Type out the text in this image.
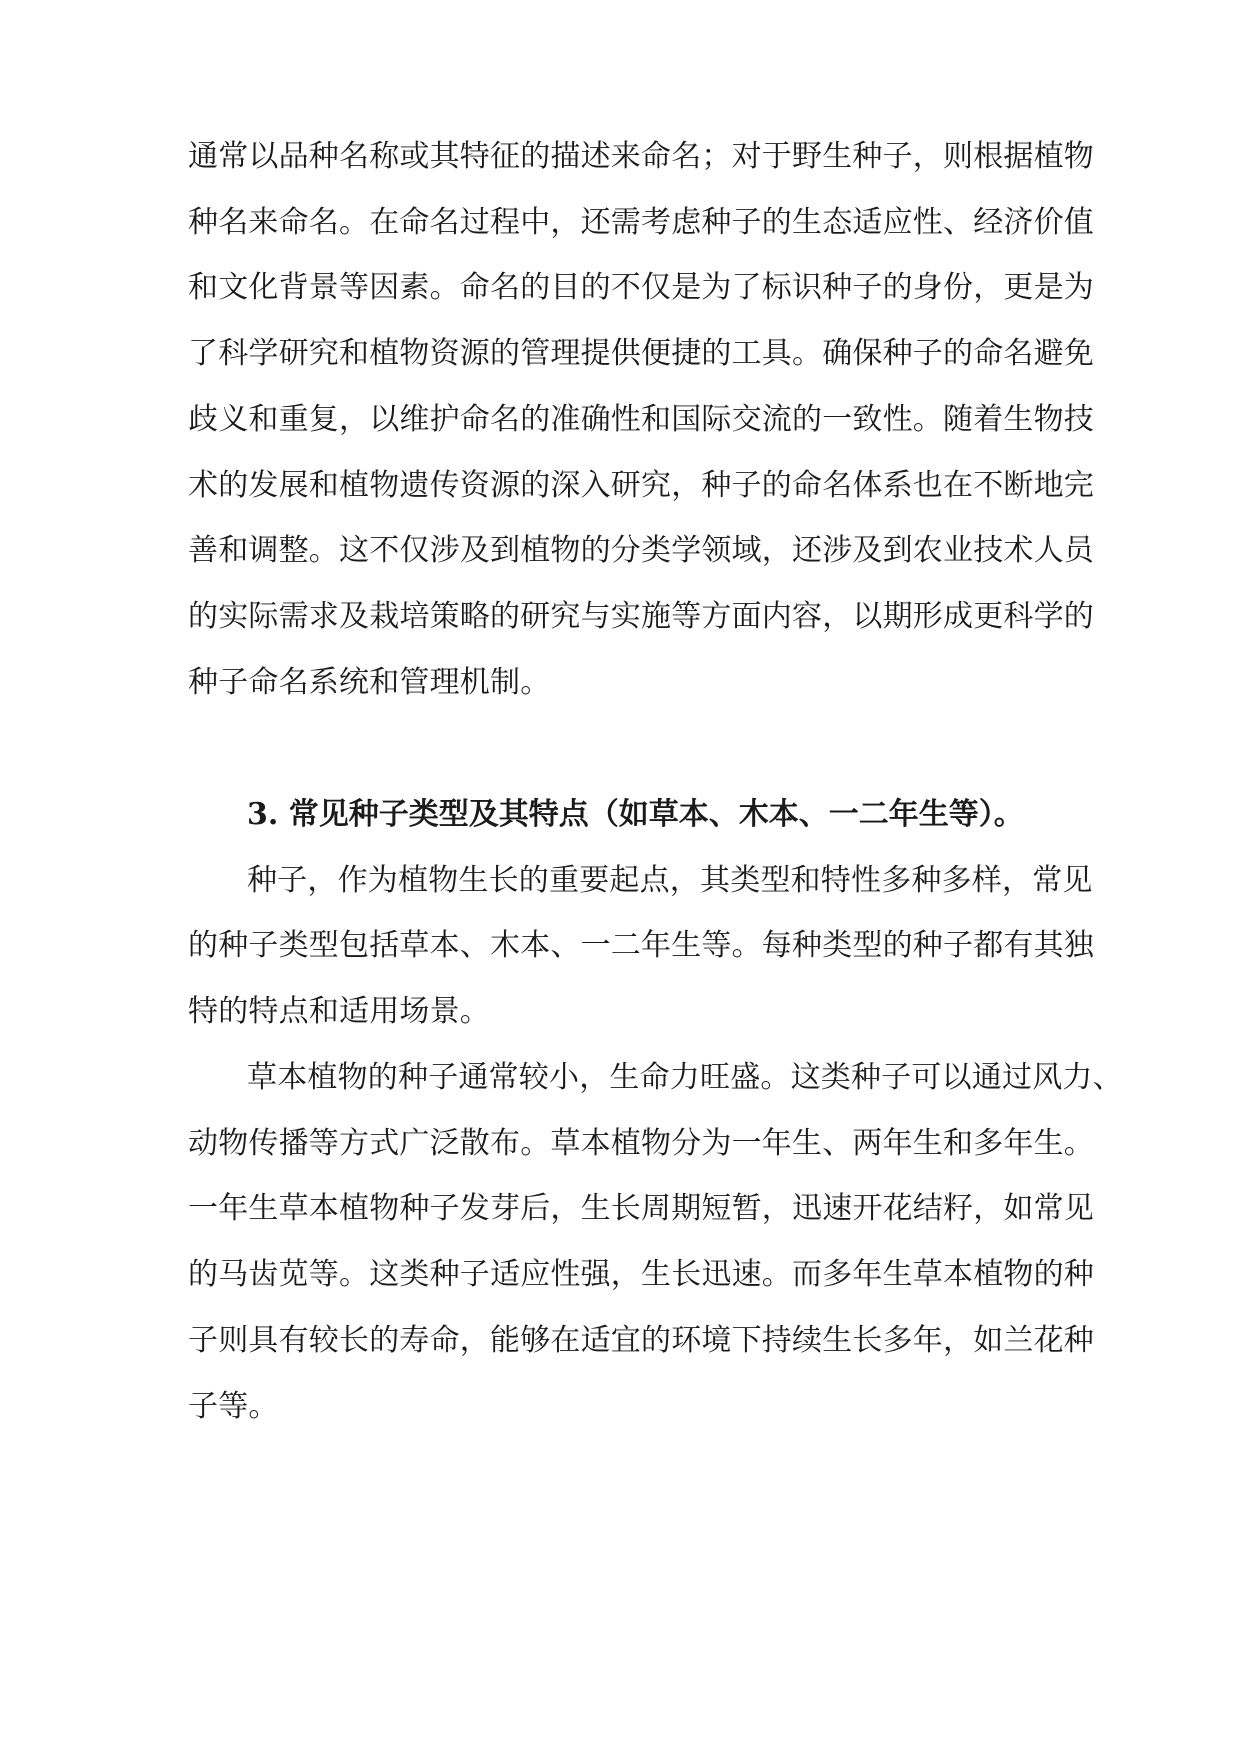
通常以品种名称或其特征的描述来命名；对于野生种子，则根据植物
种名来命名。在命名过程中，还需考虑种子的生态适应性、经济价值
和文化背景等因素。命名的目的不仅是为了标识种子的身份，更是为
了科学研究和植物资源的管理提供便捷的工具。确保种子的命名避免
歧义和重复，以维护命名的准确性和国际交流的一致性。随着生物技
术的发展和植物遗传资源的深入研究，种子的命名体系也在不断地完
善和调整。这不仅涉及到植物的分类学领域，还涉及到农业技术人员
的实际需求及栽培策略的研究与实施等方面内容，以期形成更科学的
种子命名系统和管理机制。
3. 常见种子类型及其特点（如草本、木本、一二年生等）。
种子，作为植物生长的重要起点，其类型和特性多种多样，常见
的种子类型包括草本、木本、一二年生等。每种类型的种子都有其独
特的特点和适用场景。
草本植物的种子通常较小，生命力旺盛。这类种子可以通过风力、
动物传播等方式广泛散布。草本植物分为一年生、两年生和多年生。
一年生草本植物种子发芽后，生长周期短暂，迅速开花结籽，如常见
的马齿苋等。这类种子适应性强，生长迅速。而多年生草本植物的种
子则具有较长的寿命，能够在适宜的环境下持续生长多年，如兰花种
子等。
